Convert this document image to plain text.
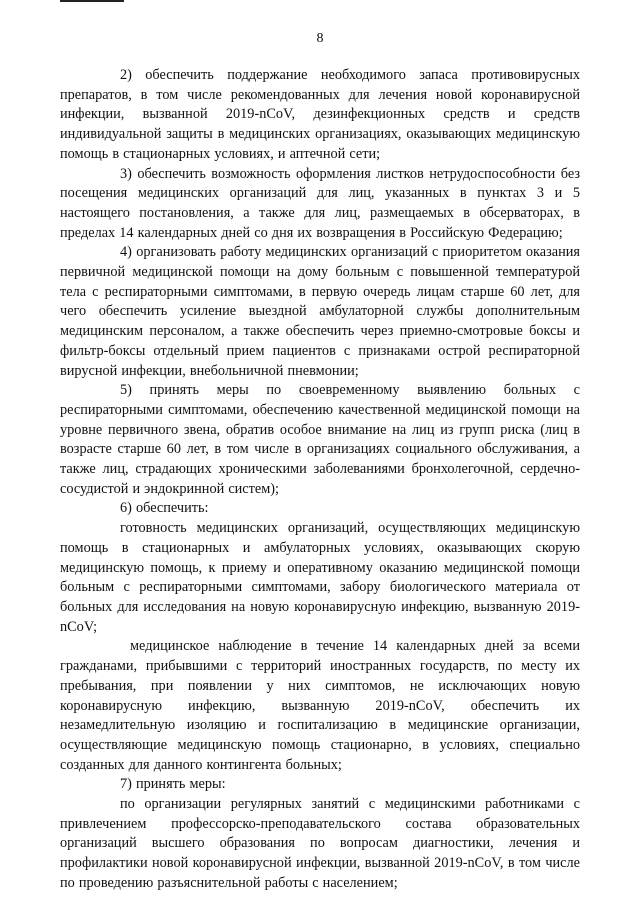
8

2) обеспечить поддержание необходимого запаса противовирусных препаратов, в том числе рекомендованных для лечения новой коронавирусной инфекции, вызванной 2019-nCoV, дезинфекционных средств и средств индивидуальной защиты в медицинских организациях, оказывающих медицинскую помощь в стационарных условиях, и аптечной сети;

3) обеспечить возможность оформления листков нетрудоспособности без посещения медицинских организаций для лиц, указанных в пунктах 3 и 5 настоящего постановления, а также для лиц, размещаемых в обсерваторах, в пределах 14 календарных дней со дня их возвращения в Российскую Федерацию;

4) организовать работу медицинских организаций с приоритетом оказания первичной медицинской помощи на дому больным с повышенной температурой тела с респираторными симптомами, в первую очередь лицам старше 60 лет, для чего обеспечить усиление выездной амбулаторной службы дополнительным медицинским персоналом, а также обеспечить через приемно-смотровые боксы и фильтр-боксы отдельный прием пациентов с признаками острой респираторной вирусной инфекции, внебольничной пневмонии;

5) принять меры по своевременному выявлению больных с респираторными симптомами, обеспечению качественной медицинской помощи на уровне первичного звена, обратив особое внимание на лиц из групп риска (лиц в возрасте старше 60 лет, в том числе в организациях социального обслуживания, а также лиц, страдающих хроническими заболеваниями бронхолегочной, сердечно-сосудистой и эндокринной систем);

6) обеспечить:

готовность медицинских организаций, осуществляющих медицинскую помощь в стационарных и амбулаторных условиях, оказывающих скорую медицинскую помощь, к приему и оперативному оказанию медицинской помощи больным с респираторными симптомами, забору биологического материала от больных для исследования на новую коронавирусную инфекцию, вызванную 2019-nCoV;

медицинское наблюдение в течение 14 календарных дней за всеми гражданами, прибывшими с территорий иностранных государств, по месту их пребывания, при появлении у них симптомов, не исключающих новую коронавирусную инфекцию, вызванную 2019-nCoV, обеспечить их незамедлительную изоляцию и госпитализацию в медицинские организации, осуществляющие медицинскую помощь стационарно, в условиях, специально созданных для данного контингента больных;

7) принять меры:

по организации регулярных занятий с медицинскими работниками с привлечением профессорско-преподавательского состава образовательных организаций высшего образования по вопросам диагностики, лечения и профилактики новой коронавирусной инфекции, вызванной 2019-nCoV, в том числе по проведению разъяснительной работы с населением;
